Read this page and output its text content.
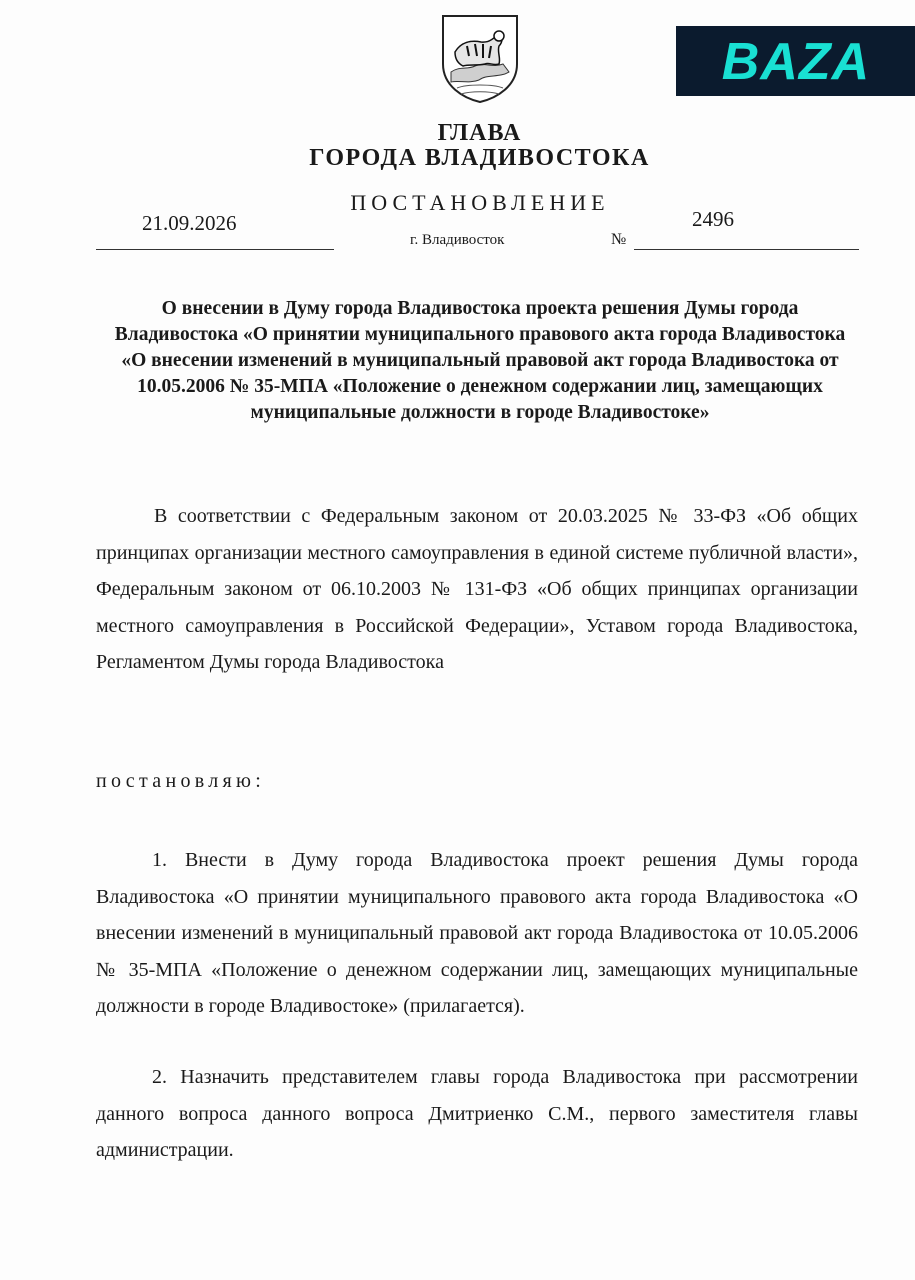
BAZA
ГЛАВА
ГОРОДА ВЛАДИВОСТОКА
ПОСТАНОВЛЕНИЕ
21.09.2026
г. Владивосток	№
2496
О внесении в Думу города Владивостока проекта решения Думы города Владивостока «О принятии муниципального правового акта города Владивостока «О внесении изменений в муниципальный правовой акт города Владивостока от 10.05.2006 № 35-МПА «Положение о денежном содержании лиц, замещающих муниципальные должности в городе Владивостоке»
В соответствии с Федеральным законом от 20.03.2025 № 33-ФЗ «Об общих принципах организации местного самоуправления в единой системе публичной власти», Федеральным законом от 06.10.2003 № 131-ФЗ «Об общих принципах организации местного самоуправления в Российской Федерации», Уставом города Владивостока, Регламентом Думы города Владивостока
постановляю:
1. Внести в Думу города Владивостока проект решения Думы города Владивостока «О принятии муниципального правового акта города Владивостока «О внесении изменений в муниципальный правовой акт города Владивостока от 10.05.2006 № 35-МПА «Положение о денежном содержании лиц, замещающих муниципальные должности в городе Владивостоке» (прилагается).
2. Назначить представителем главы города Владивостока при рассмотрении данного вопроса данного вопроса Дмитриенко С.М., первого заместителя главы администрации.
